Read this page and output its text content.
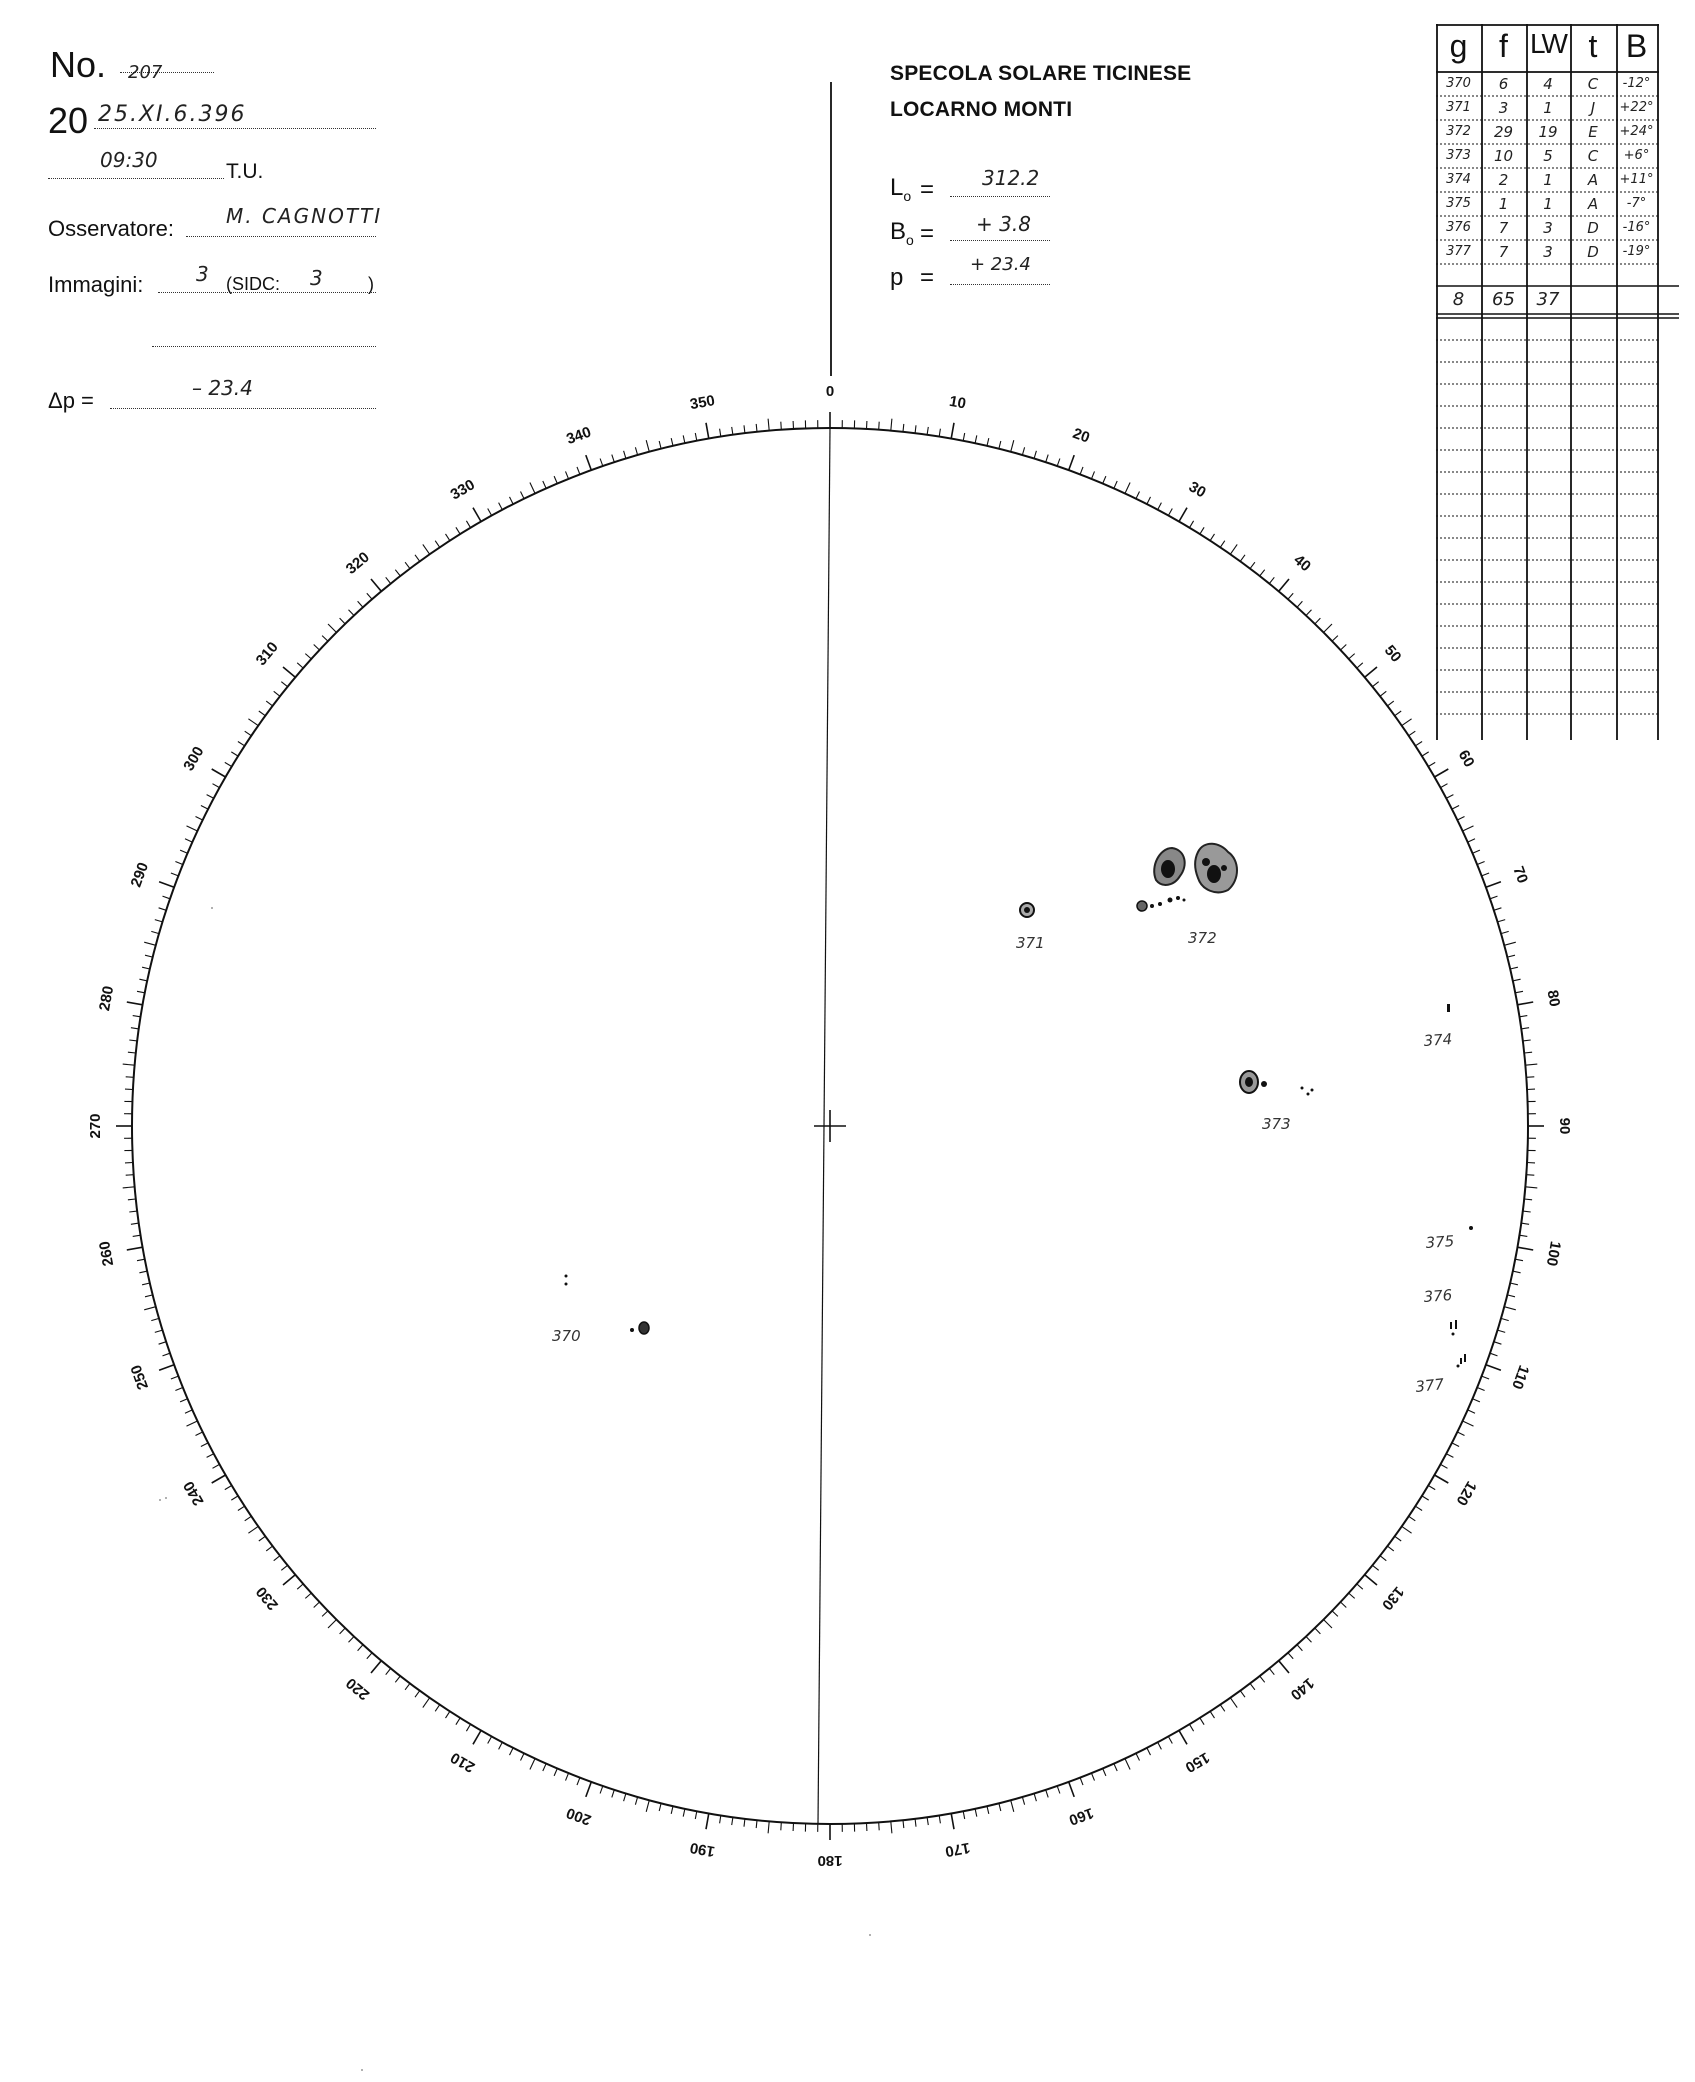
No. 207
20 25.XI.6.396
09:30	T.U.
Osservatore:	M. CAGNOTTI
Immagini:	3 (SIDC: 3	)
Δp =	– 23.4
SPECOLA SOLARE TICINESE
LOCARNO MONTI
$L_o = 312.2$
$B_o$ = + 3.8
p = + 23.4
0
10
20
30
40
50
60
70
80
90
100
110
120
130
140
150
160
170
180
190
200
210
220
230
240
250
260
270
280
290
300
310
320
330
340
350
370
371	372
373
374
375
376
377
g f LW t B
370	6	4	C	-12°
371	3	1	J	+22°
372	29	19	E	+24°
373	10	5	C	+6°
374	2	1	A	+11°
375	1	1	A	-7°
376	7	3	D	-16°
377	7	3	D	-19°
8	65	37
